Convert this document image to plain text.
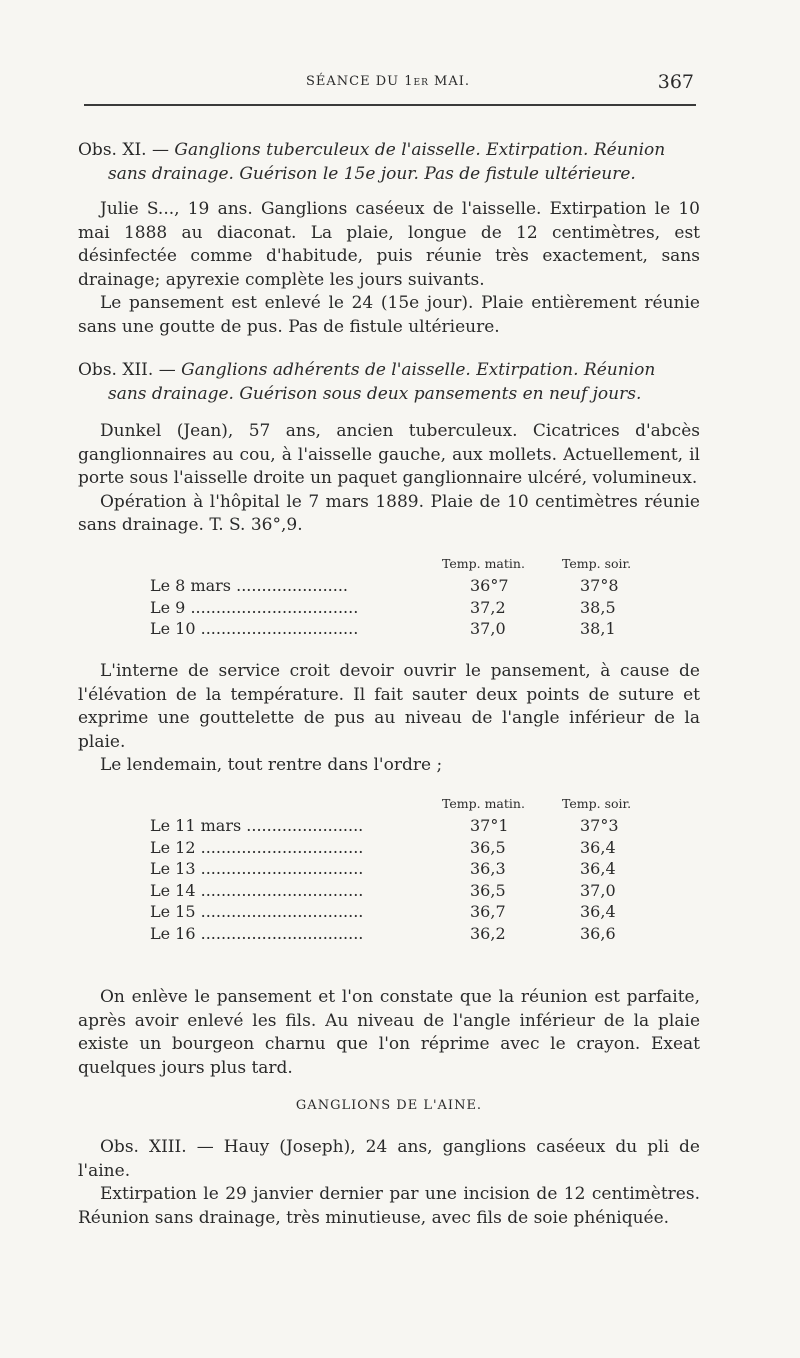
SÉANCE DU 1er MAI.	367
Obs. XI. — Ganglions tuberculeux de l'aisselle. Extirpation. Réunion
sans drainage. Guérison le 15e jour. Pas de fistule ultérieure.

Julie S..., 19 ans. Ganglions caséeux de l'aisselle. Extirpation le 10 mai 1888 au diaconat. La plaie, longue de 12 centimètres, est désinfectée comme d'habitude, puis réunie très exactement, sans drainage; apyrexie complète les jours suivants.

Le pansement est enlevé le 24 (15e jour). Plaie entièrement réunie sans une goutte de pus. Pas de fistule ultérieure.

Obs. XII. — Ganglions adhérents de l'aisselle. Extirpation. Réunion
sans drainage. Guérison sous deux pansements en neuf jours.

Dunkel (Jean), 57 ans, ancien tuberculeux. Cicatrices d'abcès ganglionnaires au cou, à l'aisselle gauche, aux mollets. Actuellement, il porte sous l'aisselle droite un paquet ganglionnaire ulcéré, volumineux.

Opération à l'hôpital le 7 mars 1889. Plaie de 10 centimètres réunie sans drainage. T. S. 36°,9.

Temp. matin.	Temp. soir.
Le 8 mars ......................	36°7	37°8
Le 9 .................................	37,2	38,5
Le 10 ...............................	37,0	38,1

L'interne de service croit devoir ouvrir le pansement, à cause de l'élévation de la température. Il fait sauter deux points de suture et exprime une gouttelette de pus au niveau de l'angle inférieur de la plaie.

Le lendemain, tout rentre dans l'ordre ;

Temp. matin.	Temp. soir.
Le 11 mars .......................	37°1	37°3
Le 12 ................................	36,5	36,4
Le 13 ................................	36,3	36,4
Le 14 ................................	36,5	37,0
Le 15 ................................	36,7	36,4
Le 16 ................................	36,2	36,6

On enlève le pansement et l'on constate que la réunion est parfaite, après avoir enlevé les fils. Au niveau de l'angle inférieur de la plaie existe un bourgeon charnu que l'on réprime avec le crayon. Exeat quelques jours plus tard.

GANGLIONS DE L'AINE.

Obs. XIII. — Hauy (Joseph), 24 ans, ganglions caséeux du pli de l'aine.

Extirpation le 29 janvier dernier par une incision de 12 centimètres. Réunion sans drainage, très minutieuse, avec fils de soie phéniquée.
